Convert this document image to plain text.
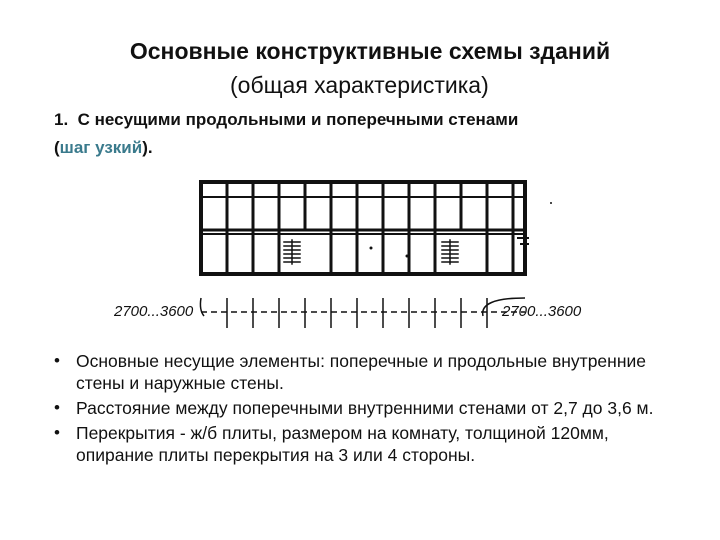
Основные конструктивные схемы зданий
(общая характеристика)
1. С несущими продольными и поперечными стенами
(шаг узкий).
2700...3600	2700...3600
• Основные несущие элементы: поперечные и продольные внутренние стены и наружные стены.
• Расстояние между поперечными внутренними стенами от 2,7 до 3,6 м.
• Перекрытия - ж/б плиты, размером на комнату, толщиной 120мм, опирание плиты перекрытия на 3 или 4 стороны.
